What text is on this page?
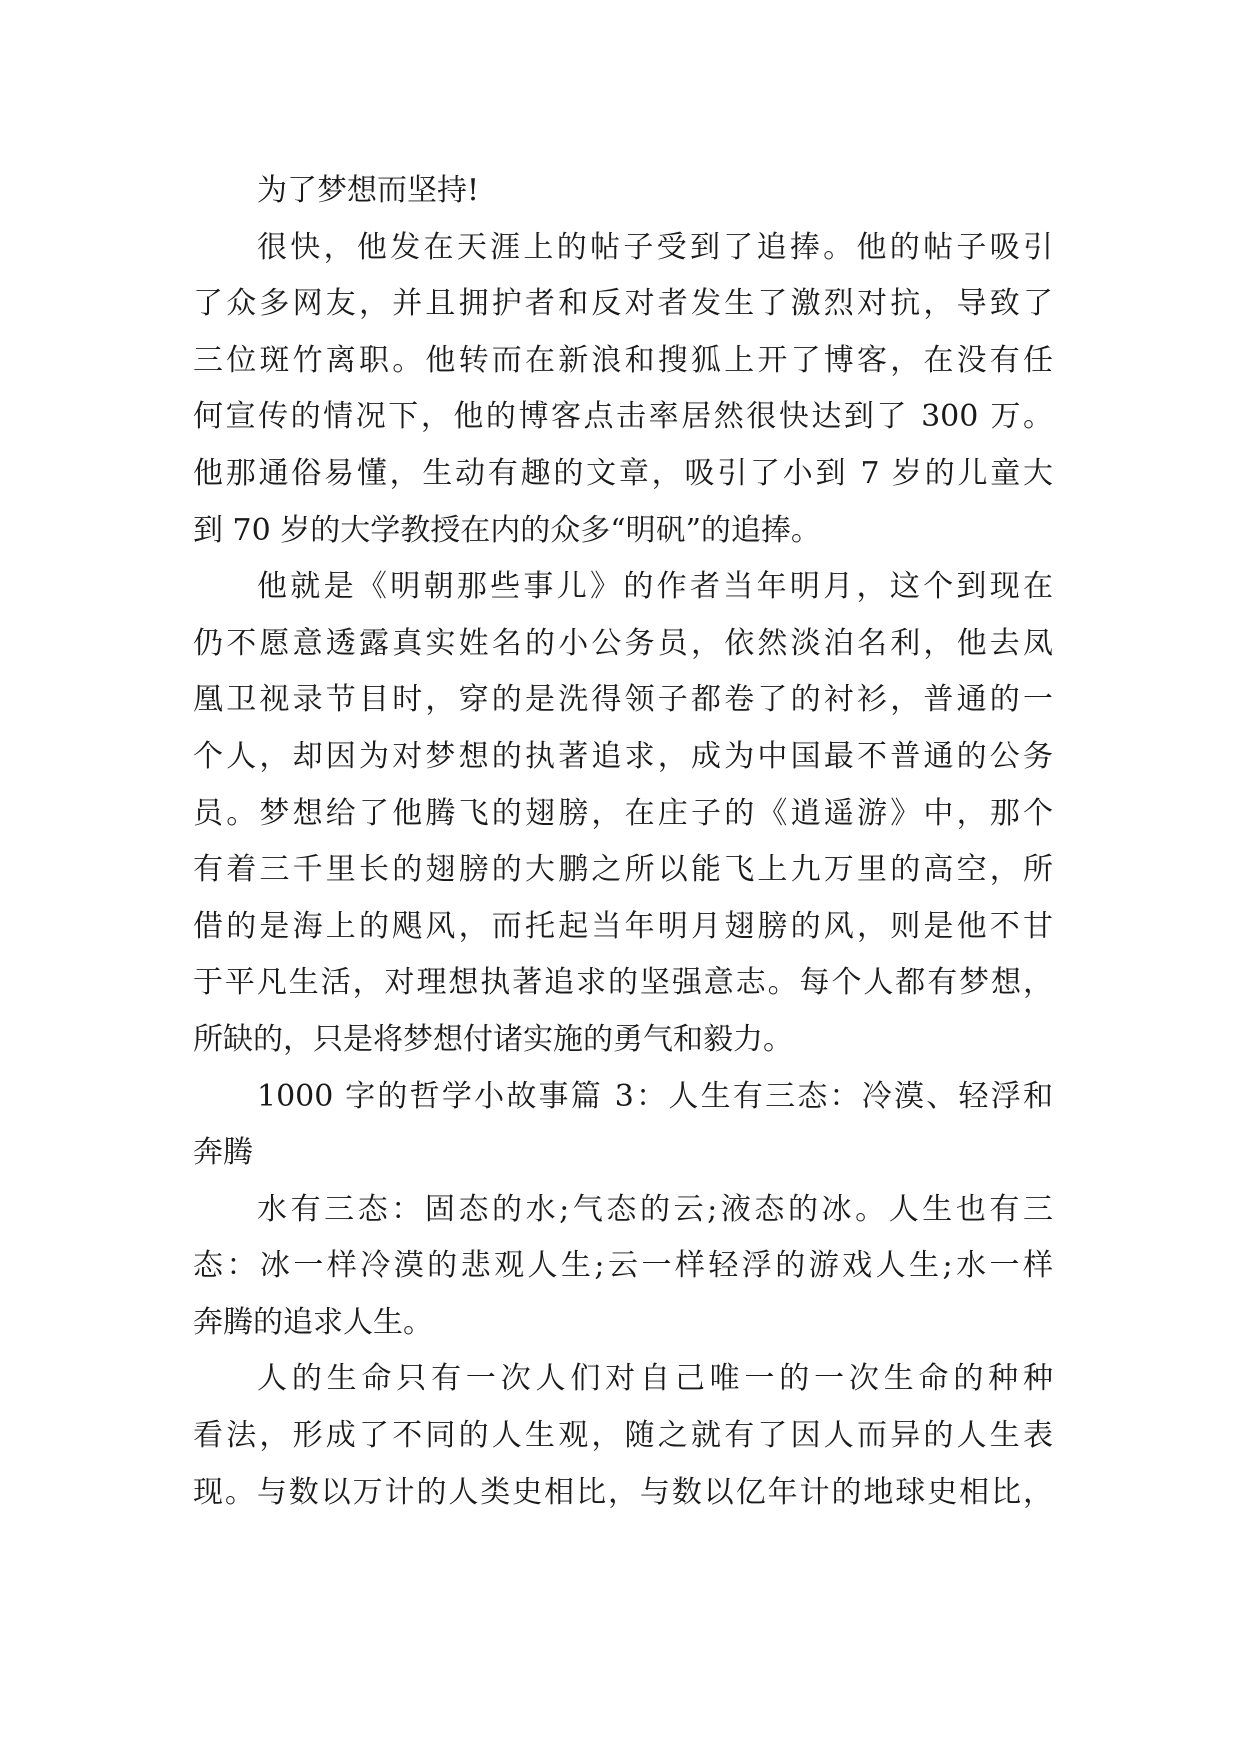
为了梦想而坚持!
很快，他发在天涯上的帖子受到了追捧。他的帖子吸引
了众多网友，并且拥护者和反对者发生了激烈对抗，导致了
三位斑竹离职。他转而在新浪和搜狐上开了博客，在没有任
何宣传的情况下，他的博客点击率居然很快达到了 300 万。
他那通俗易懂，生动有趣的文章，吸引了小到 7 岁的儿童大
到 70 岁的大学教授在内的众多“明矾”的追捧。
他就是《明朝那些事儿》的作者当年明月，这个到现在
仍不愿意透露真实姓名的小公务员，依然淡泊名利，他去凤
凰卫视录节目时，穿的是洗得领子都卷了的衬衫，普通的一
个人，却因为对梦想的执著追求，成为中国最不普通的公务
员。梦想给了他腾飞的翅膀，在庄子的《逍遥游》中，那个
有着三千里长的翅膀的大鹏之所以能飞上九万里的高空，所
借的是海上的飓风，而托起当年明月翅膀的风，则是他不甘
于平凡生活，对理想执著追求的坚强意志。每个人都有梦想，
所缺的，只是将梦想付诸实施的勇气和毅力。
1000 字的哲学小故事篇 3：人生有三态：冷漠、轻浮和
奔腾
水有三态：固态的水;气态的云;液态的冰。人生也有三
态：冰一样冷漠的悲观人生;云一样轻浮的游戏人生;水一样
奔腾的追求人生。
人的生命只有一次人们对自己唯一的一次生命的种种
看法，形成了不同的人生观，随之就有了因人而异的人生表
现。与数以万计的人类史相比，与数以亿年计的地球史相比，
